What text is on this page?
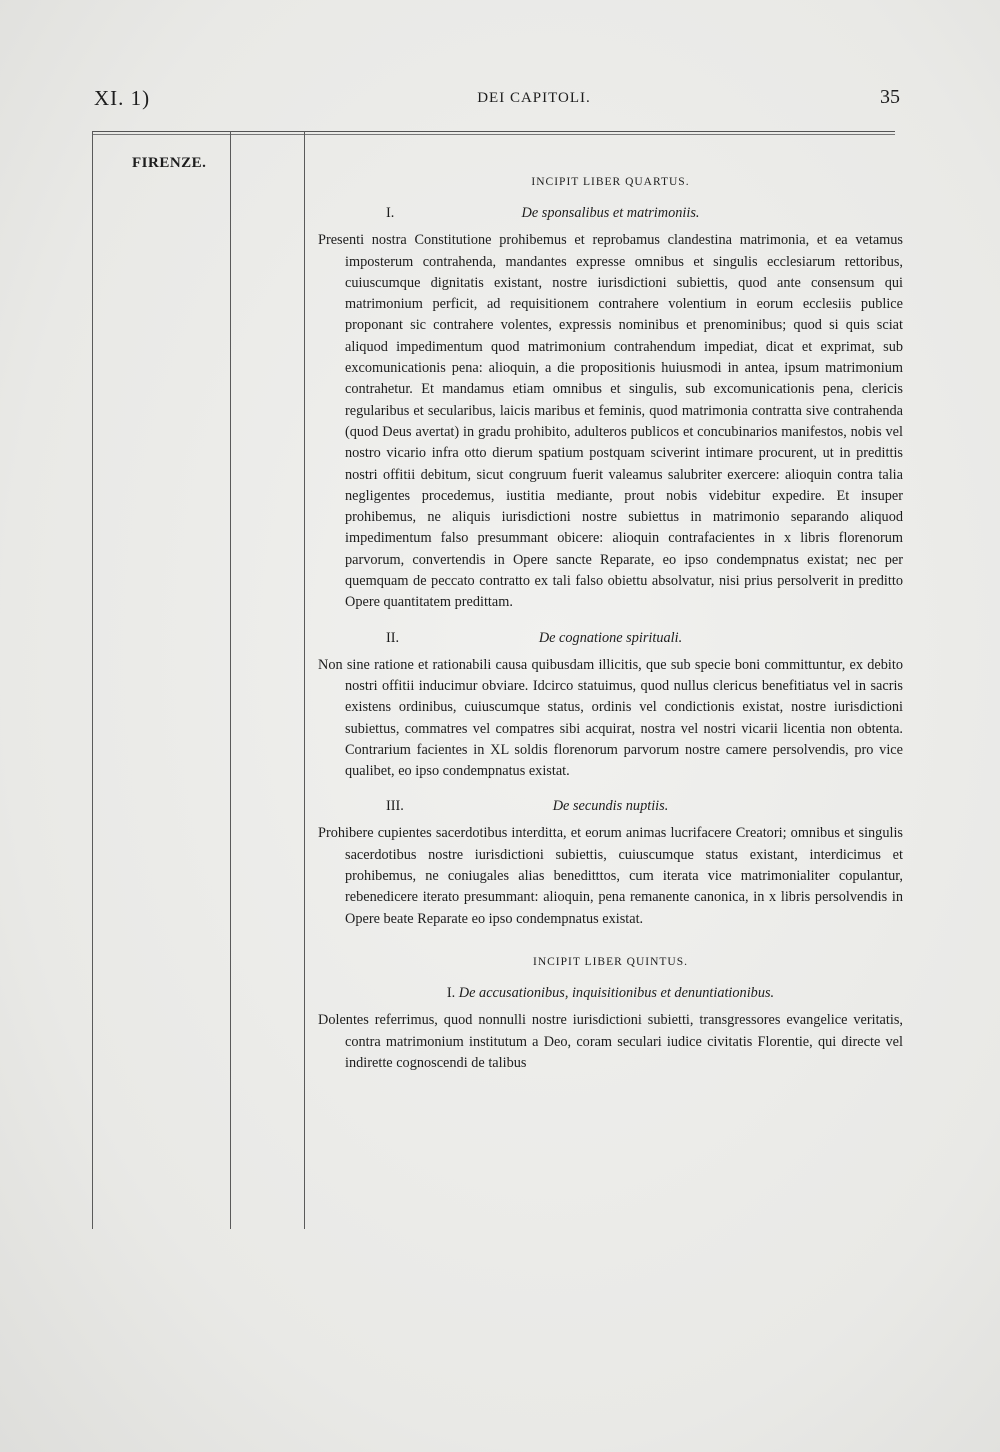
XI. 1)	DEI CAPITOLI.	35
FIRENZE.
INCIPIT LIBER QUARTUS.
I.	De sponsalibus et matrimoniis.

Presenti nostra Constitutione prohibemus et reprobamus clandestina matrimonia, et ea vetamus imposterum contrahenda, mandantes expresse omnibus et singulis ecclesiarum rettoribus, cuiuscumque dignitatis existant, nostre iurisdictioni subiettis, quod ante consensum qui matrimonium perficit, ad requisitionem contrahere volentium in eorum ecclesiis publice proponant sic contrahere volentes, expressis nominibus et prenominibus; quod si quis sciat aliquod impedimentum quod matrimonium contrahendum impediat, dicat et exprimat, sub excomunicationis pena: alioquin, a die propositionis huiusmodi in antea, ipsum matrimonium contrahetur. Et mandamus etiam omnibus et singulis, sub excomunicationis pena, clericis regularibus et secularibus, laicis maribus et feminis, quod matrimonia contratta sive contrahenda (quod Deus avertat) in gradu prohibito, adulteros publicos et concubinarios manifestos, nobis vel nostro vicario infra otto dierum spatium postquam sciverint intimare procurent, ut in predittis nostri offitii debitum, sicut congruum fuerit valeamus salubriter exercere: alioquin contra talia negligentes procedemus, iustitia mediante, prout nobis videbitur expedire. Et insuper prohibemus, ne aliquis iurisdictioni nostre subiettus in matrimonio separando aliquod impedimentum falso presummant obicere: alioquin contrafacientes in x libris florenorum parvorum, convertendis in Opere sancte Reparate, eo ipso condempnatus existat; nec per quemquam de peccato contratto ex tali falso obiettu absolvatur, nisi prius persolverit in preditto Opere quantitatem predittam.

II.	De cognatione spirituali.

Non sine ratione et rationabili causa quibusdam illicitis, que sub specie boni committuntur, ex debito nostri offitii inducimur obviare. Idcirco statuimus, quod nullus clericus benefitiatus vel in sacris existens ordinibus, cuiuscumque status, ordinis vel condictionis existat, nostre iurisdictioni subiettus, commatres vel compatres sibi acquirat, nostra vel nostri vicarii licentia non obtenta. Contrarium facientes in XL soldis florenorum parvorum nostre camere persolvendis, pro vice qualibet, eo ipso condempnatus existat.

III.	De secundis nuptiis.

Prohibere cupientes sacerdotibus interditta, et eorum animas lucrifacere Creatori; omnibus et singulis sacerdotibus nostre iurisdictioni subiettis, cuiuscumque status existant, interdicimus et prohibemus, ne coniugales alias beneditttos, cum iterata vice matrimonialiter copulantur, rebenedicere iterato presummant: alioquin, pena remanente canonica, in x libris persolvendis in Opere beate Reparate eo ipso condempnatus existat.

INCIPIT LIBER QUINTUS.
I. De accusationibus, inquisitionibus et denuntiationibus.

Dolentes referrimus, quod nonnulli nostre iurisdictioni subietti, transgressores evangelice veritatis, contra matrimonium institutum a Deo, coram seculari iudice civitatis Florentie, qui directe vel indirette cognoscendi de talibus
